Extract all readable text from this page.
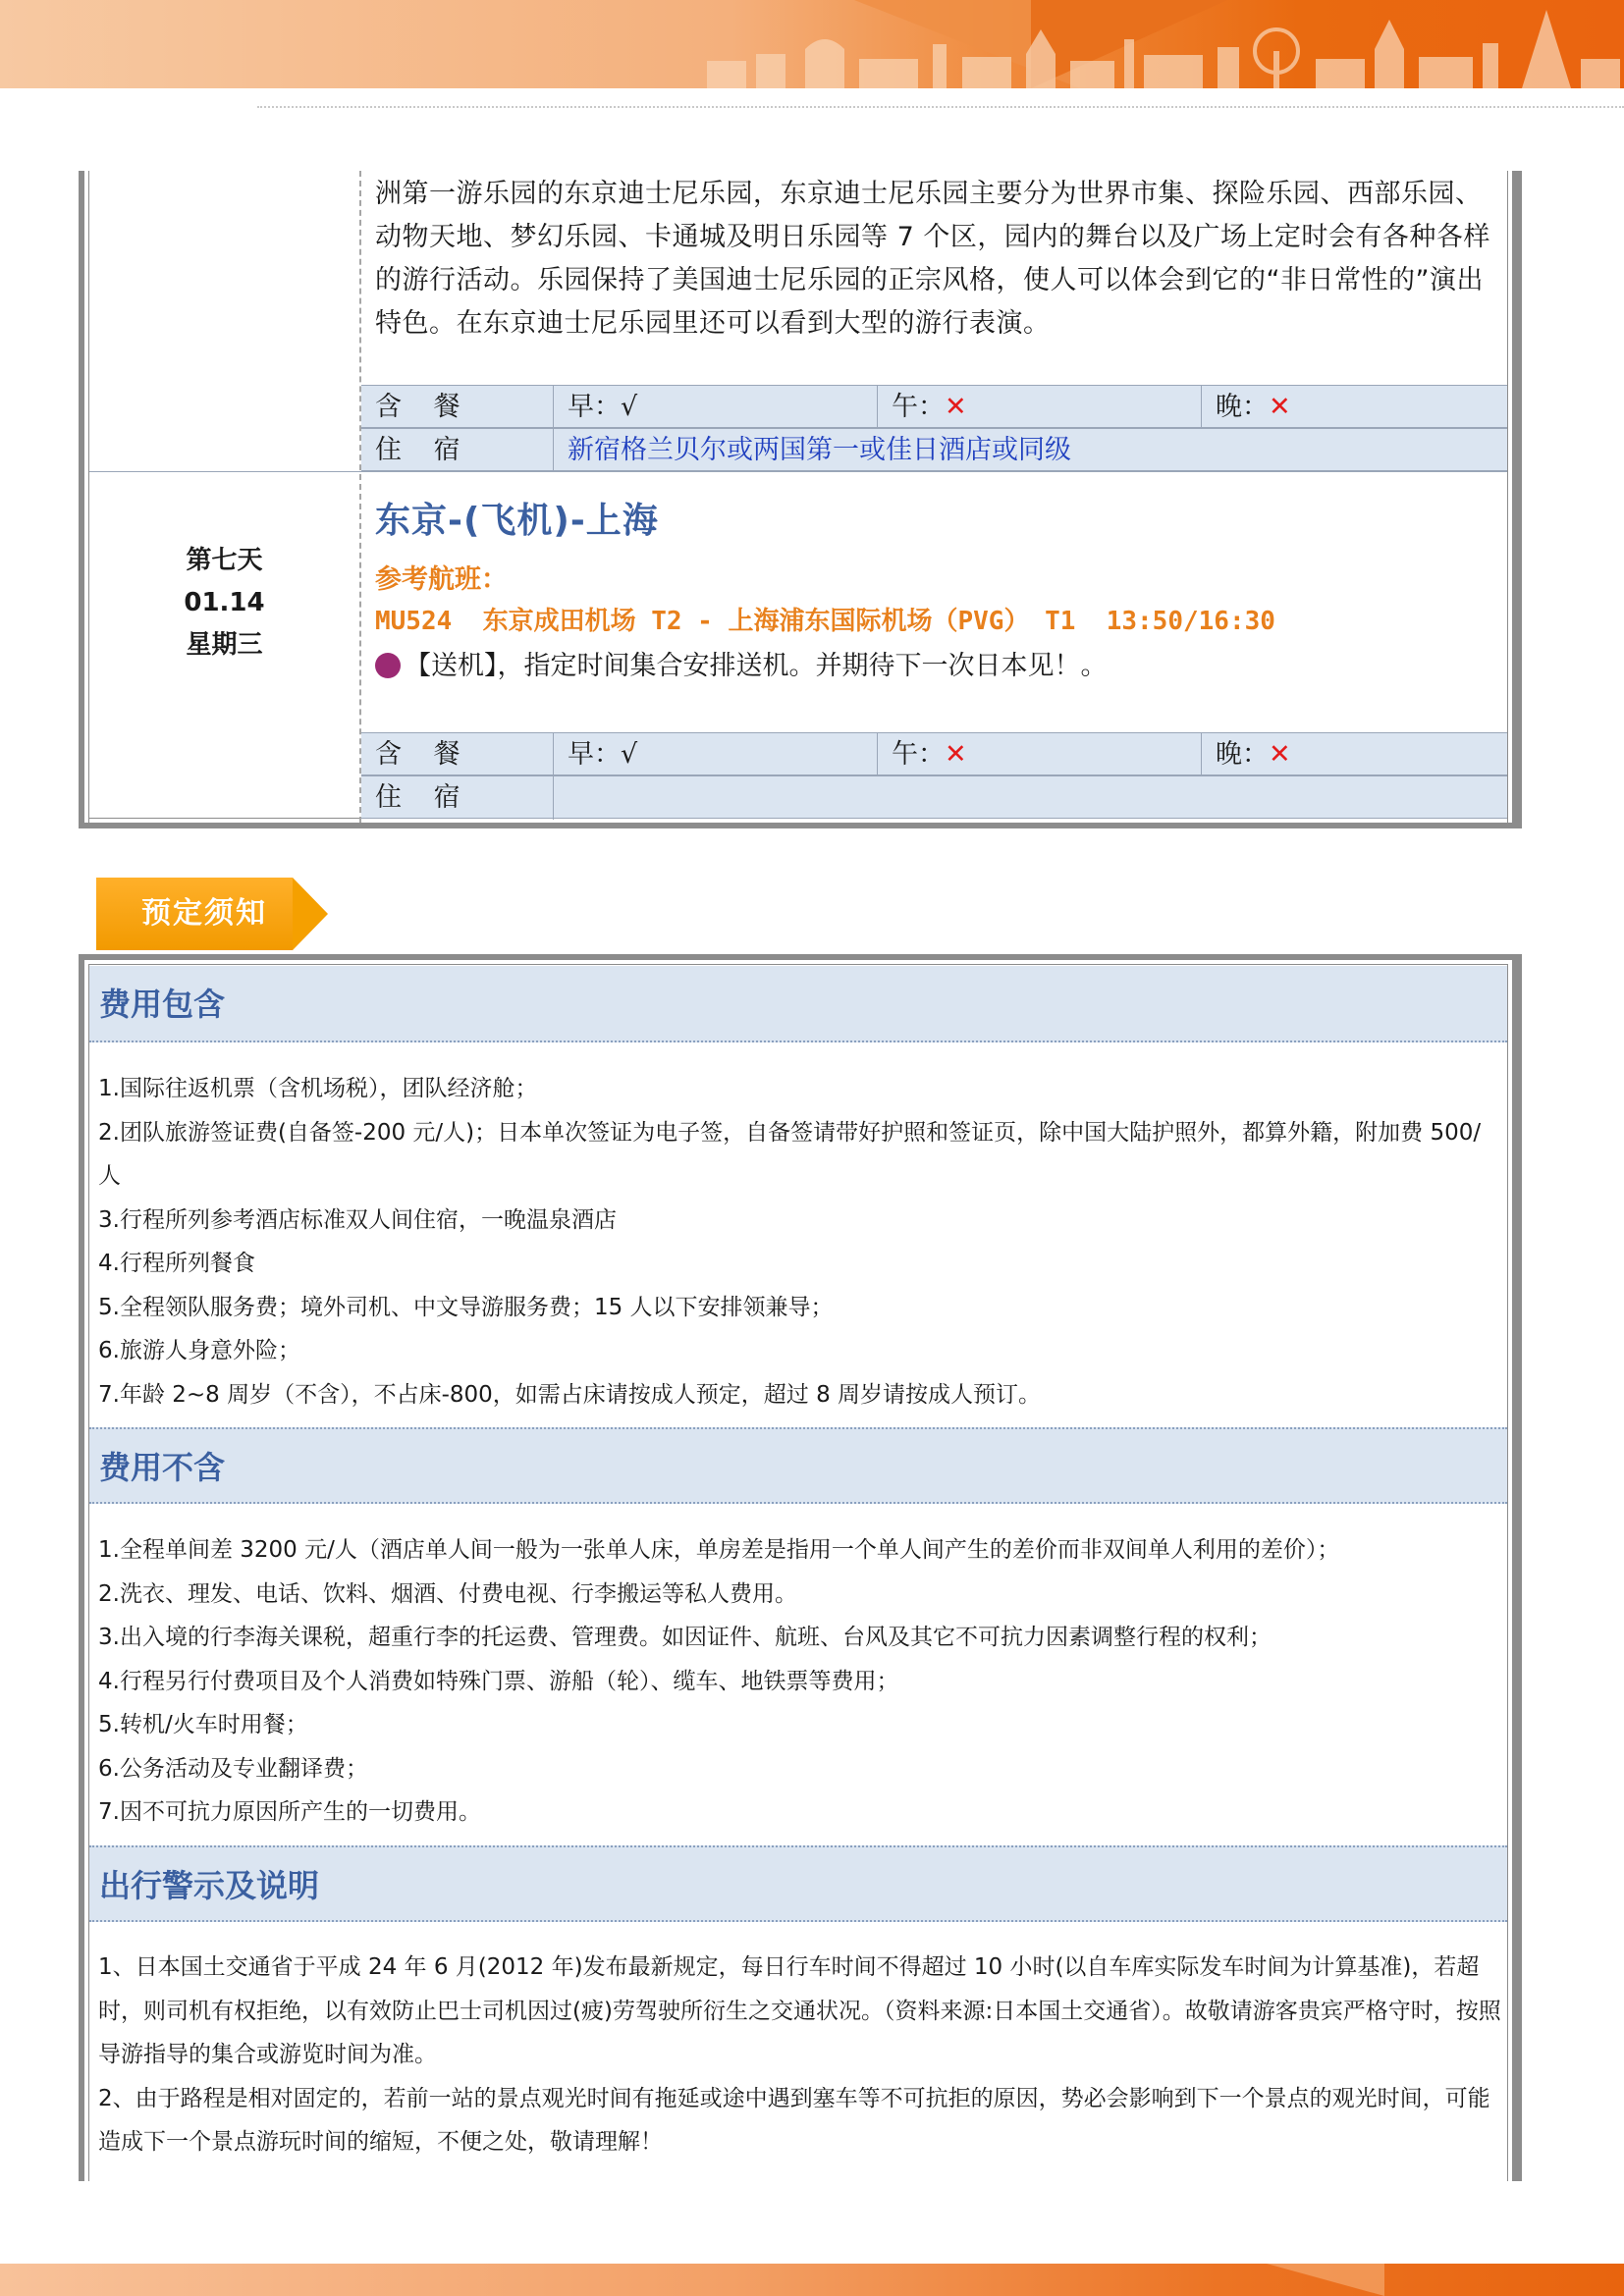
洲第一游乐园的东京迪士尼乐园，东京迪士尼乐园主要分为世界市集、探险乐园、西部乐园、动物天地、梦幻乐园、卡通城及明日乐园等 7 个区，园内的舞台以及广场上定时会有各种各样的游行活动。乐园保持了美国迪士尼乐园的正宗风格，使人可以体会到它的“非日常性的”演出特色。在东京迪士尼乐园里还可以看到大型的游行表演。
含 餐	早：√	午：✕	晚：✕
住 宿	新宿格兰贝尔或两国第一或佳日酒店或同级
第七天
01.14
星期三
东京-(飞机)-上海
参考航班：
MU524  东京成田机场 T2 - 上海浦东国际机场（PVG） T1  13:50/16:30
【送机】，指定时间集合安排送机。并期待下一次日本见！。
含 餐	早：√	午：✕	晚：✕
住 宿
预定须知
费用包含
1.国际往返机票（含机场税），团队经济舱；
2.团队旅游签证费(自备签-200 元/人)；日本单次签证为电子签，自备签请带好护照和签证页，除中国大陆护照外，都算外籍，附加费 500/人
3.行程所列参考酒店标准双人间住宿，一晚温泉酒店
4.行程所列餐食
5.全程领队服务费；境外司机、中文导游服务费；15 人以下安排领兼导；
6.旅游人身意外险；
7.年龄 2~8 周岁（不含），不占床-800，如需占床请按成人预定，超过 8 周岁请按成人预订。
费用不含
1.全程单间差 3200 元/人（酒店单人间一般为一张单人床，单房差是指用一个单人间产生的差价而非双间单人利用的差价）；
2.洗衣、理发、电话、饮料、烟酒、付费电视、行李搬运等私人费用。
3.出入境的行李海关课税，超重行李的托运费、管理费。如因证件、航班、台风及其它不可抗力因素调整行程的权利；
4.行程另行付费项目及个人消费如特殊门票、游船（轮）、缆车、地铁票等费用；
5.转机/火车时用餐；
6.公务活动及专业翻译费；
7.因不可抗力原因所产生的一切费用。
出行警示及说明
1、日本国土交通省于平成 24 年 6 月(2012 年)发布最新规定，每日行车时间不得超过 10 小时(以自车库实际发车时间为计算基准)，若超时，则司机有权拒绝，以有效防止巴士司机因过(疲)劳驾驶所衍生之交通状况。（资料来源:日本国土交通省）。故敬请游客贵宾严格守时，按照导游指导的集合或游览时间为准。
2、由于路程是相对固定的，若前一站的景点观光时间有拖延或途中遇到塞车等不可抗拒的原因，势必会影响到下一个景点的观光时间，可能造成下一个景点游玩时间的缩短，不便之处，敬请理解！
